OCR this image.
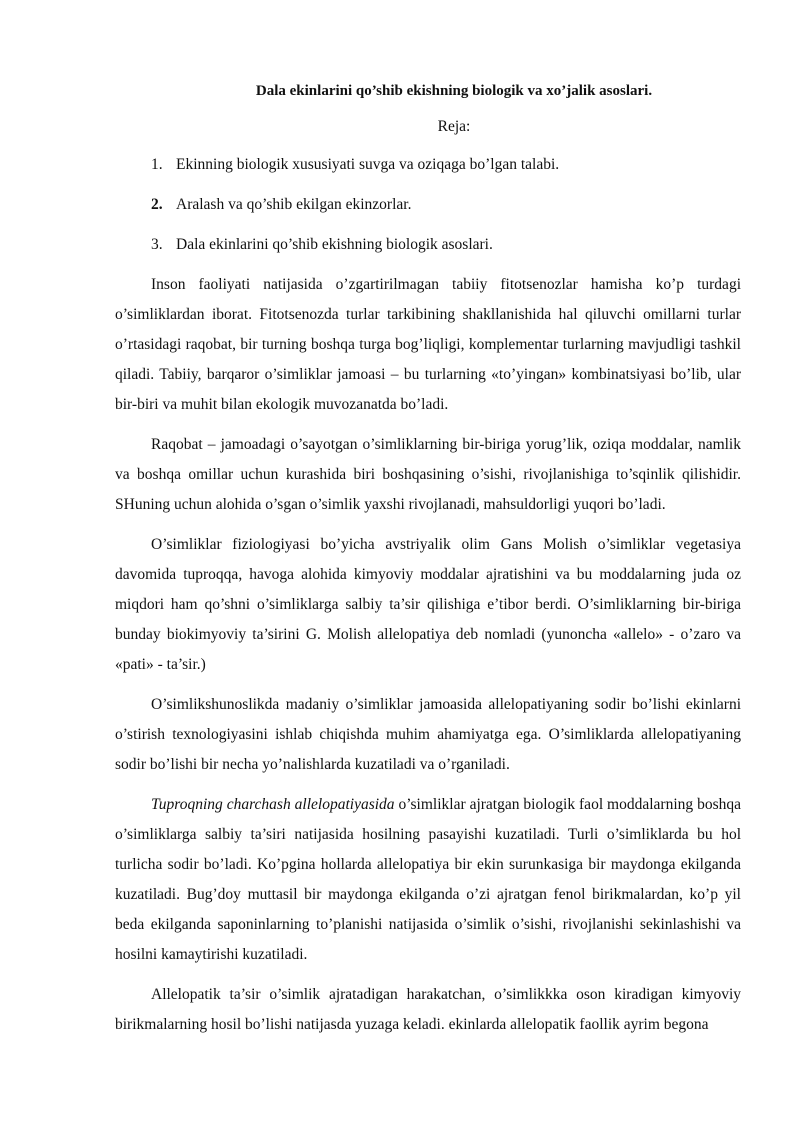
Dala ekinlarini qo’shib ekishning biologik va xo’jalik asoslari.
Reja:
1. Ekinning biologik xususiyati suvga va oziqaga bo’lgan talabi.
2. Aralash va qo’shib ekilgan ekinzorlar.
3. Dala ekinlarini qo’shib ekishning biologik asoslari.

Inson faoliyati natijasida o’zgartirilmagan tabiiy fitotsenozlar hamisha ko’p turdagi o’simliklardan iborat. Fitotsenozda turlar tarkibining shakllanishida hal qiluvchi omillarni turlar o’rtasidagi raqobat, bir turning boshqa turga bog’liqligi, komplementar turlarning mavjudligi tashkil qiladi. Tabiiy, barqaror o’simliklar jamoasi – bu turlarning «to’yingan» kombinatsiyasi bo’lib, ular bir-biri va muhit bilan ekologik muvozanatda bo’ladi.

Raqobat – jamoadagi o’sayotgan o’simliklarning bir-biriga yorug’lik, oziqa moddalar, namlik va boshqa omillar uchun kurashida biri boshqasining o’sishi, rivojlanishiga to’sqinlik qilishidir. SHuning uchun alohida o’sgan o’simlik yaxshi rivojlanadi, mahsuldorligi yuqori bo’ladi.

O’simliklar fiziologiyasi bo’yicha avstriyalik olim Gans Molish o’simliklar vegetasiya davomida tuproqqa, havoga alohida kimyoviy moddalar ajratishini va bu moddalarning juda oz miqdori ham qo’shni o’simliklarga salbiy ta’sir qilishiga e’tibor berdi. O’simliklarning bir-biriga bunday biokimyoviy ta’sirini G. Molish allelopatiya deb nomladi (yunoncha «allelo» - o’zaro va «pati» - ta’sir.)

O’simlikshunoslikda madaniy o’simliklar jamoasida allelopatiyaning sodir bo’lishi ekinlarni o’stirish texnologiyasini ishlab chiqishda muhim ahamiyatga ega. O’simliklarda allelopatiyaning sodir bo’lishi bir necha yo’nalishlarda kuzatiladi va o’rganiladi.

Tuproqning charchash allelopatiyasida o’simliklar ajratgan biologik faol moddalarning boshqa o’simliklarga salbiy ta’siri natijasida hosilning pasayishi kuzatiladi. Turli o’simliklarda bu hol turlicha sodir bo’ladi. Ko’pgina hollarda allelopatiya bir ekin surunkasiga bir maydonga ekilganda kuzatiladi. Bug’doy muttasil bir maydonga ekilganda o’zi ajratgan fenol birikmalardan, ko’p yil beda ekilganda saponinlarning to’planishi natijasida o’simlik o’sishi, rivojlanishi sekinlashishi va hosilni kamaytirishi kuzatiladi.

Allelopatik ta’sir o’simlik ajratadigan harakatchan, o’simlikkka oson kiradigan kimyoviy birikmalarning hosil bo’lishi natijasda yuzaga keladi. ekinlarda allelopatik faollik ayrim begona
